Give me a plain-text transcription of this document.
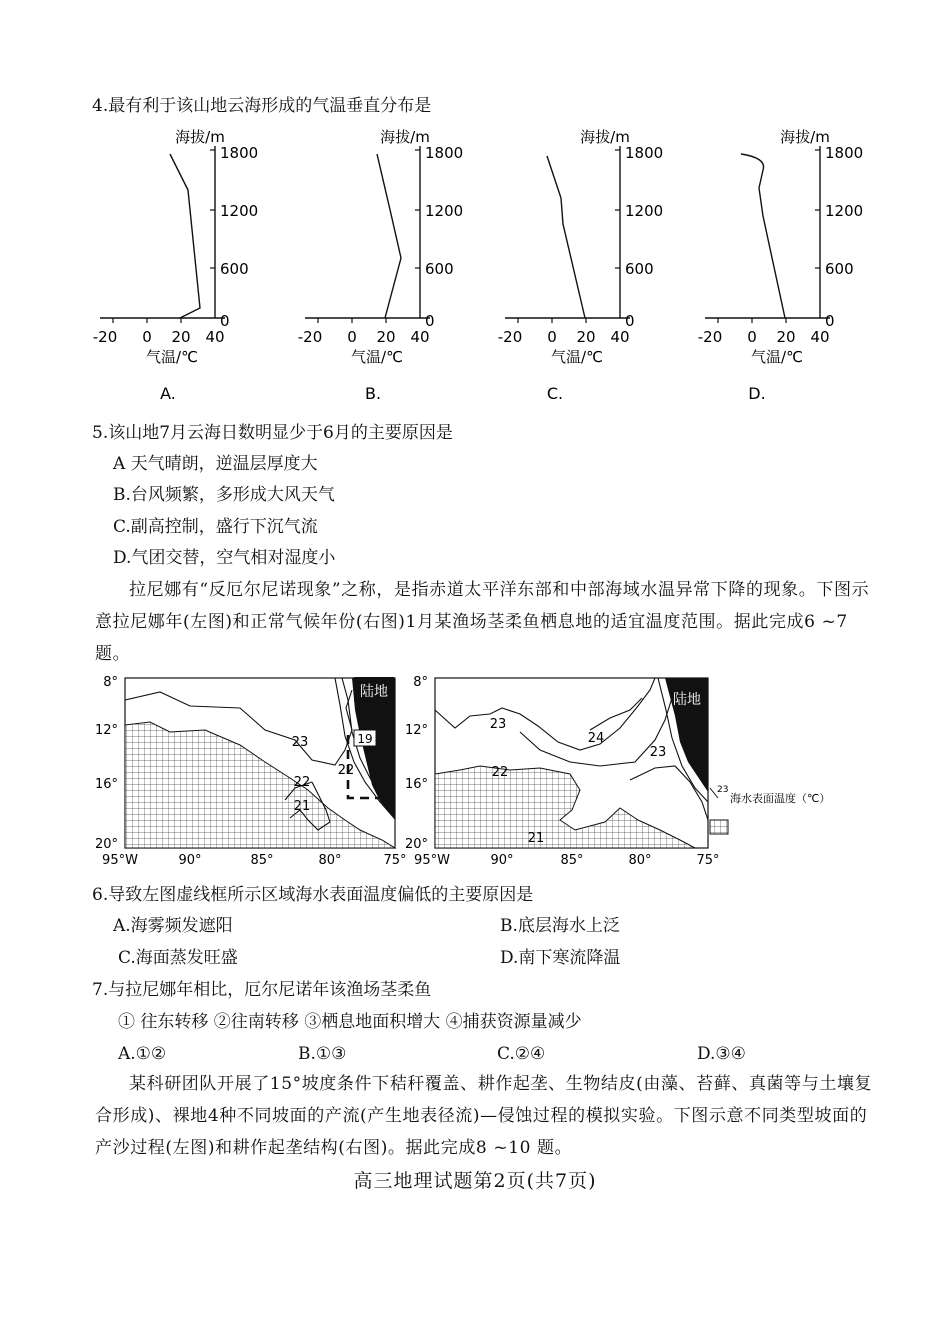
4.最有利于该山地云海形成的气温垂直分布是
海拔/m
1800
1200
600
0
-20 0 20 40
气温/℃
A.
海拔/m
1800
1200
600
0
-20 0 20 40
气温/℃
B.
海拔/m
1800
1200
600
0
-20 0 20 40
气温/℃
C.
海拔/m
1800
1200
600
0
-20 0 20 40
气温/℃
D.
5.该山地7月云海日数明显少于6月的主要原因是
A 天气晴朗，逆温层厚度大
B.台风频繁，多形成大风天气
C.副高控制，盛行下沉气流
D.气团交替，空气相对湿度小
拉尼娜有“反厄尔尼诺现象”之称，是指赤道太平洋东部和中部海域水温异常下降的现象。下图示意拉尼娜年(左图)和正常气候年份(右图)1月某渔场茎柔鱼栖息地的适宜温度范围。据此完成6 ~7 题。
19
陆地
23
22
22
21
8°
12°
16°
20°
95°W	90°	85°	80°	75°
陆地
23
24
23
22
21
8°
12°
16°
20°
95°W	90°	85°	80°	75°
23
海水表面温度（℃）
6.导致左图虚线框所示区域海水表面温度偏低的主要原因是
A.海雾频发遮阳	B.底层海水上泛
C.海面蒸发旺盛	D.南下寒流降温
7.与拉尼娜年相比，厄尔尼诺年该渔场茎柔鱼
① 往东转移 ②往南转移 ③栖息地面积增大 ④捕获资源量减少
A.①②	B.①③	C.②④	D.③④
某科研团队开展了15°坡度条件下秸秆覆盖、耕作起垄、生物结皮(由藻、苔藓、真菌等与土壤复合形成)、裸地4种不同坡面的产流(产生地表径流)—侵蚀过程的模拟实验。下图示意不同类型坡面的产沙过程(左图)和耕作起垄结构(右图)。据此完成8 ~10 题。
高三地理试题第2页(共7页)
